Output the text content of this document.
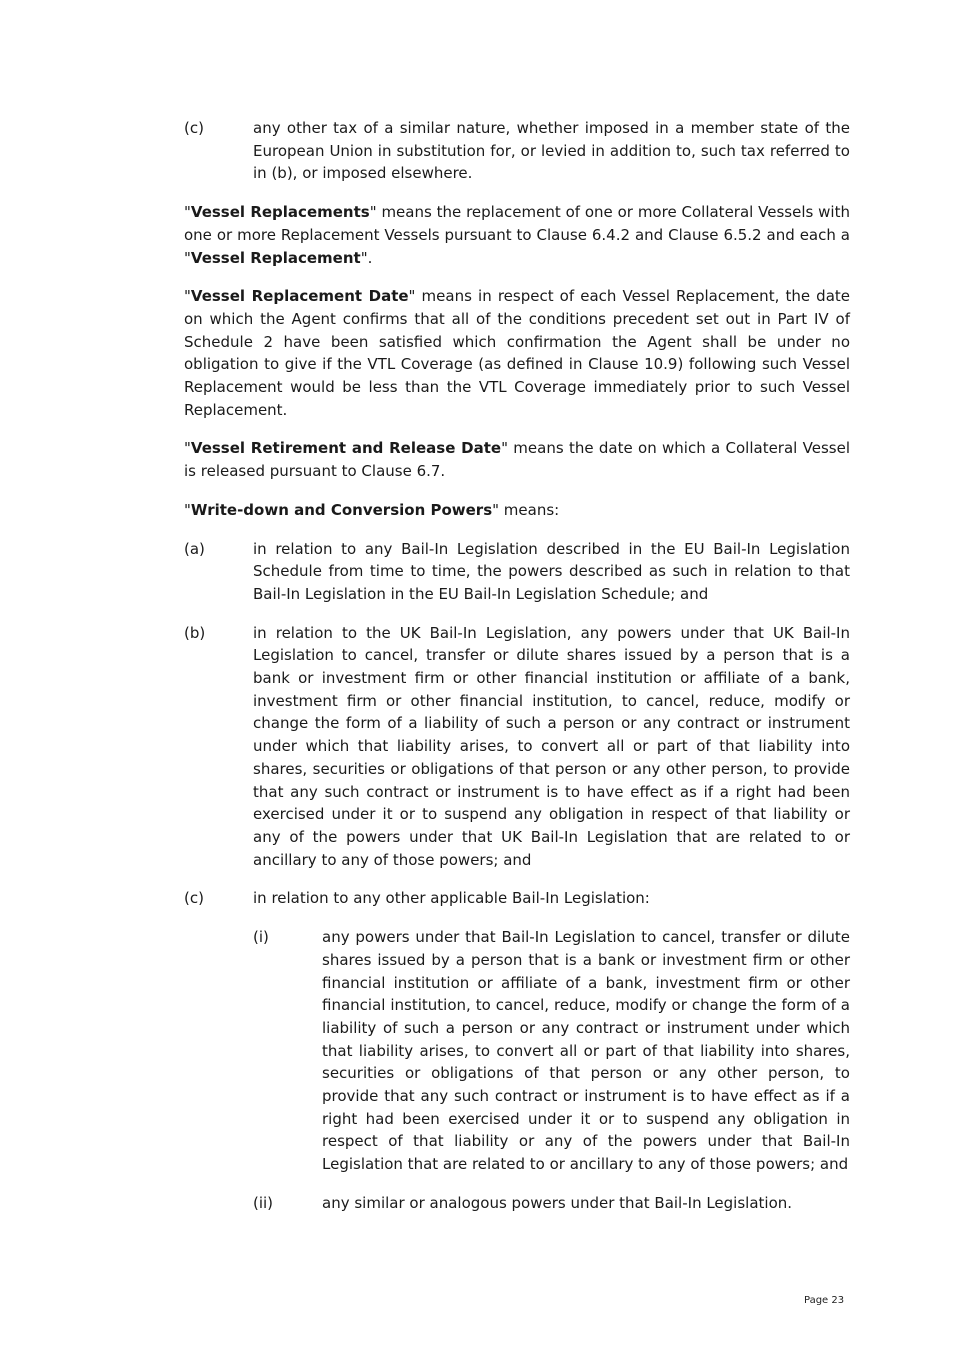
(c)	any other tax of a similar nature, whether imposed in a member state of the European Union in substitution for, or levied in addition to, such tax referred to in (b), or imposed elsewhere.

"Vessel Replacements" means the replacement of one or more Collateral Vessels with one or more Replacement Vessels pursuant to Clause 6.4.2 and Clause 6.5.2 and each a "Vessel Replacement".

"Vessel Replacement Date" means in respect of each Vessel Replacement, the date on which the Agent confirms that all of the conditions precedent set out in Part IV of Schedule 2 have been satisfied which confirmation the Agent shall be under no obligation to give if the VTL Coverage (as defined in Clause 10.9) following such Vessel Replacement would be less than the VTL Coverage immediately prior to such Vessel Replacement.

"Vessel Retirement and Release Date" means the date on which a Collateral Vessel is released pursuant to Clause 6.7.

"Write-down and Conversion Powers" means:

(a)	in relation to any Bail-In Legislation described in the EU Bail-In Legislation Schedule from time to time, the powers described as such in relation to that Bail-In Legislation in the EU Bail-In Legislation Schedule; and
(b)	in relation to the UK Bail-In Legislation, any powers under that UK Bail-In Legislation to cancel, transfer or dilute shares issued by a person that is a bank or investment firm or other financial institution or affiliate of a bank, investment firm or other financial institution, to cancel, reduce, modify or change the form of a liability of such a person or any contract or instrument under which that liability arises, to convert all or part of that liability into shares, securities or obligations of that person or any other person, to provide that any such contract or instrument is to have effect as if a right had been exercised under it or to suspend any obligation in respect of that liability or any of the powers under that UK Bail-In Legislation that are related to or ancillary to any of those powers; and
(c)	in relation to any other applicable Bail-In Legislation:
(i)	any powers under that Bail-In Legislation to cancel, transfer or dilute shares issued by a person that is a bank or investment firm or other financial institution or affiliate of a bank, investment firm or other financial institution, to cancel, reduce, modify or change the form of a liability of such a person or any contract or instrument under which that liability arises, to convert all or part of that liability into shares, securities or obligations of that person or any other person, to provide that any such contract or instrument is to have effect as if a right had been exercised under it or to suspend any obligation in respect of that liability or any of the powers under that Bail-In Legislation that are related to or ancillary to any of those powers; and
(ii)	any similar or analogous powers under that Bail-In Legislation.
Page 23
